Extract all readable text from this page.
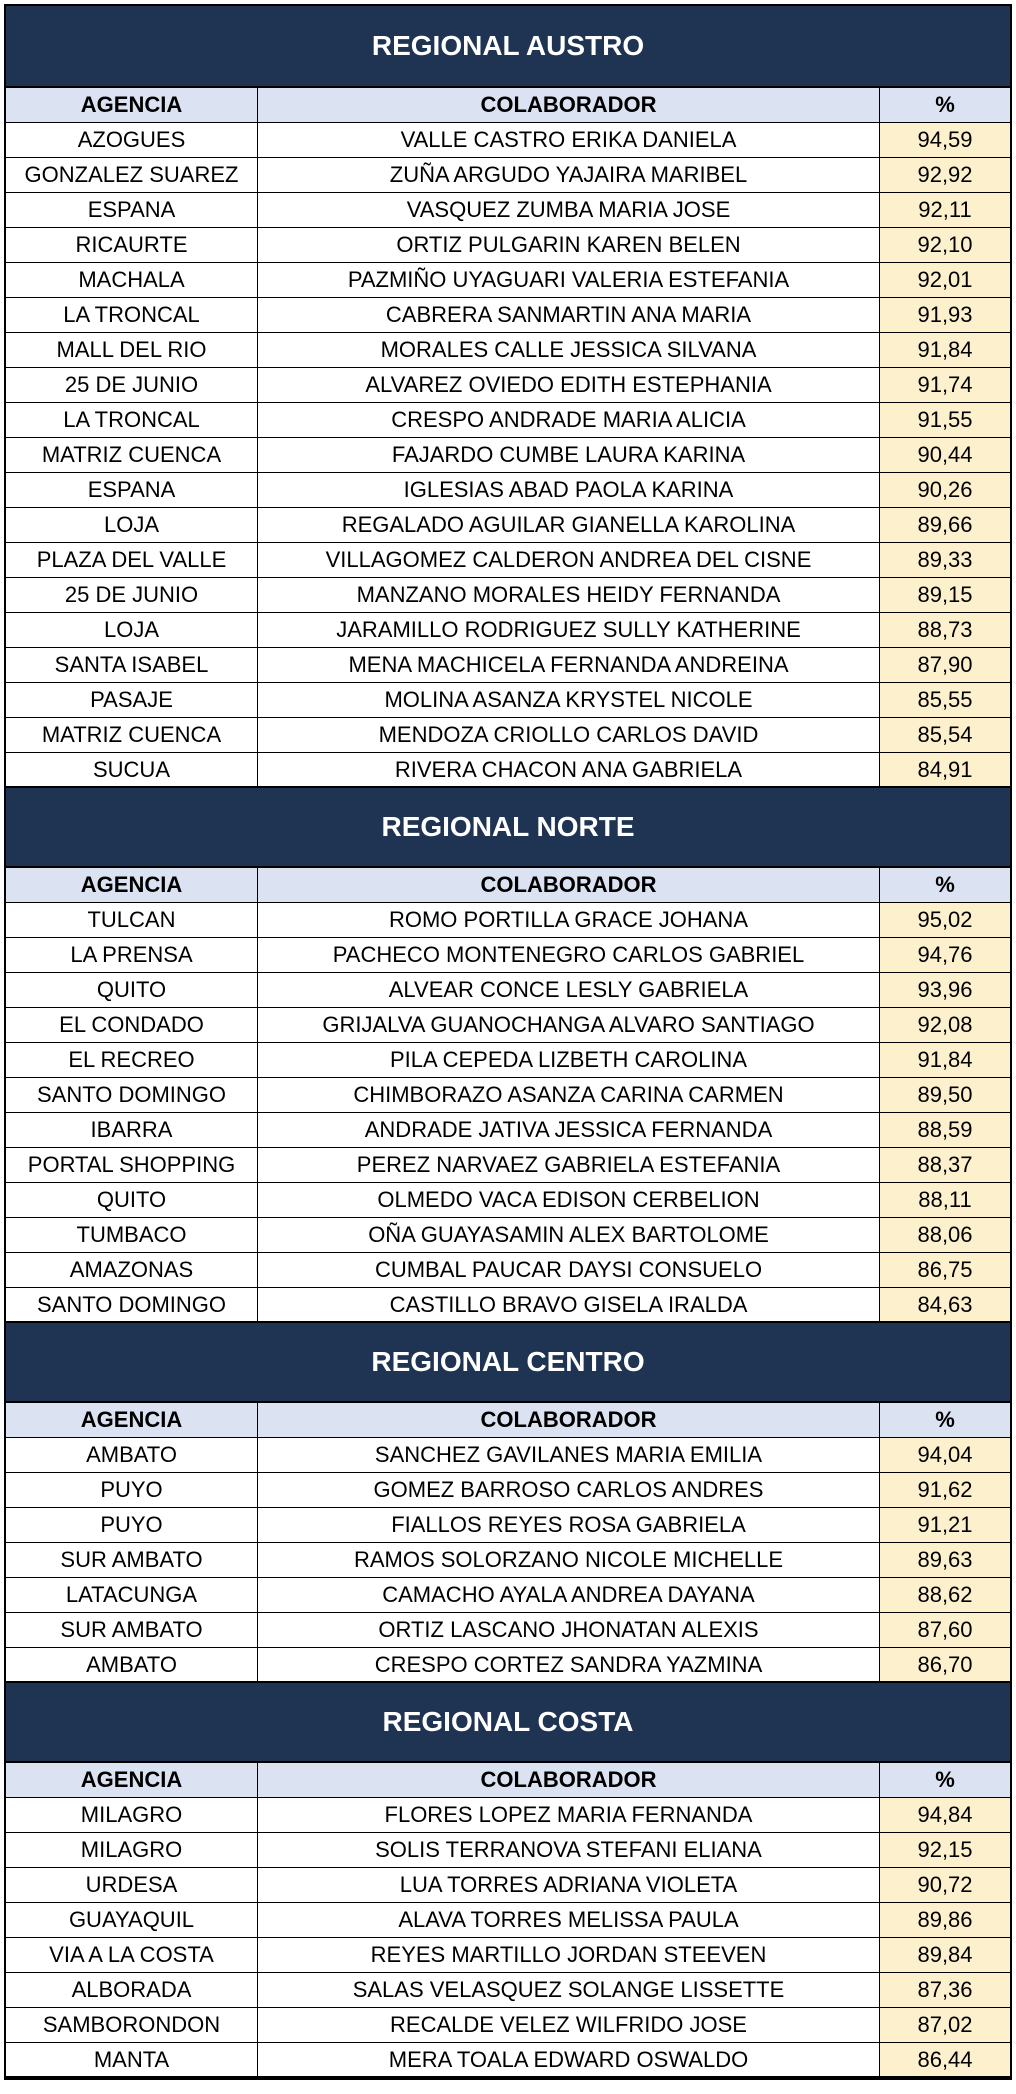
REGIONAL AUSTRO
AGENCIA	COLABORADOR	%
AZOGUES	VALLE CASTRO ERIKA DANIELA	94,59
GONZALEZ SUAREZ	ZUÑA ARGUDO YAJAIRA MARIBEL	92,92
ESPANA	VASQUEZ ZUMBA MARIA JOSE	92,11
RICAURTE	ORTIZ PULGARIN KAREN BELEN	92,10
MACHALA	PAZMIÑO UYAGUARI VALERIA ESTEFANIA	92,01
LA TRONCAL	CABRERA SANMARTIN ANA MARIA	91,93
MALL DEL RIO	MORALES CALLE JESSICA SILVANA	91,84
25 DE JUNIO	ALVAREZ OVIEDO EDITH ESTEPHANIA	91,74
LA TRONCAL	CRESPO ANDRADE MARIA ALICIA	91,55
MATRIZ CUENCA	FAJARDO CUMBE LAURA KARINA	90,44
ESPANA	IGLESIAS ABAD PAOLA KARINA	90,26
LOJA	REGALADO AGUILAR GIANELLA KAROLINA	89,66
PLAZA DEL VALLE	VILLAGOMEZ CALDERON ANDREA DEL CISNE	89,33
25 DE JUNIO	MANZANO MORALES HEIDY FERNANDA	89,15
LOJA	JARAMILLO RODRIGUEZ SULLY KATHERINE	88,73
SANTA ISABEL	MENA MACHICELA FERNANDA ANDREINA	87,90
PASAJE	MOLINA ASANZA KRYSTEL NICOLE	85,55
MATRIZ CUENCA	MENDOZA CRIOLLO CARLOS DAVID	85,54
SUCUA	RIVERA CHACON ANA GABRIELA	84,91
REGIONAL NORTE
AGENCIA	COLABORADOR	%
TULCAN	ROMO PORTILLA GRACE JOHANA	95,02
LA PRENSA	PACHECO MONTENEGRO CARLOS GABRIEL	94,76
QUITO	ALVEAR CONCE LESLY GABRIELA	93,96
EL CONDADO	GRIJALVA GUANOCHANGA ALVARO SANTIAGO	92,08
EL RECREO	PILA CEPEDA LIZBETH CAROLINA	91,84
SANTO DOMINGO	CHIMBORAZO ASANZA CARINA CARMEN	89,50
IBARRA	ANDRADE JATIVA JESSICA FERNANDA	88,59
PORTAL SHOPPING	PEREZ NARVAEZ GABRIELA ESTEFANIA	88,37
QUITO	OLMEDO VACA EDISON CERBELION	88,11
TUMBACO	OÑA GUAYASAMIN ALEX BARTOLOME	88,06
AMAZONAS	CUMBAL PAUCAR DAYSI CONSUELO	86,75
SANTO DOMINGO	CASTILLO BRAVO GISELA IRALDA	84,63
REGIONAL CENTRO
AGENCIA	COLABORADOR	%
AMBATO	SANCHEZ GAVILANES MARIA EMILIA	94,04
PUYO	GOMEZ BARROSO CARLOS ANDRES	91,62
PUYO	FIALLOS REYES ROSA GABRIELA	91,21
SUR AMBATO	RAMOS SOLORZANO NICOLE MICHELLE	89,63
LATACUNGA	CAMACHO AYALA ANDREA DAYANA	88,62
SUR AMBATO	ORTIZ LASCANO JHONATAN ALEXIS	87,60
AMBATO	CRESPO CORTEZ SANDRA YAZMINA	86,70
REGIONAL COSTA
AGENCIA	COLABORADOR	%
MILAGRO	FLORES LOPEZ MARIA FERNANDA	94,84
MILAGRO	SOLIS TERRANOVA STEFANI ELIANA	92,15
URDESA	LUA TORRES ADRIANA VIOLETA	90,72
GUAYAQUIL	ALAVA TORRES MELISSA PAULA	89,86
VIA A LA COSTA	REYES MARTILLO JORDAN STEEVEN	89,84
ALBORADA	SALAS VELASQUEZ SOLANGE LISSETTE	87,36
SAMBORONDON	RECALDE VELEZ WILFRIDO JOSE	87,02
MANTA	MERA TOALA EDWARD OSWALDO	86,44
